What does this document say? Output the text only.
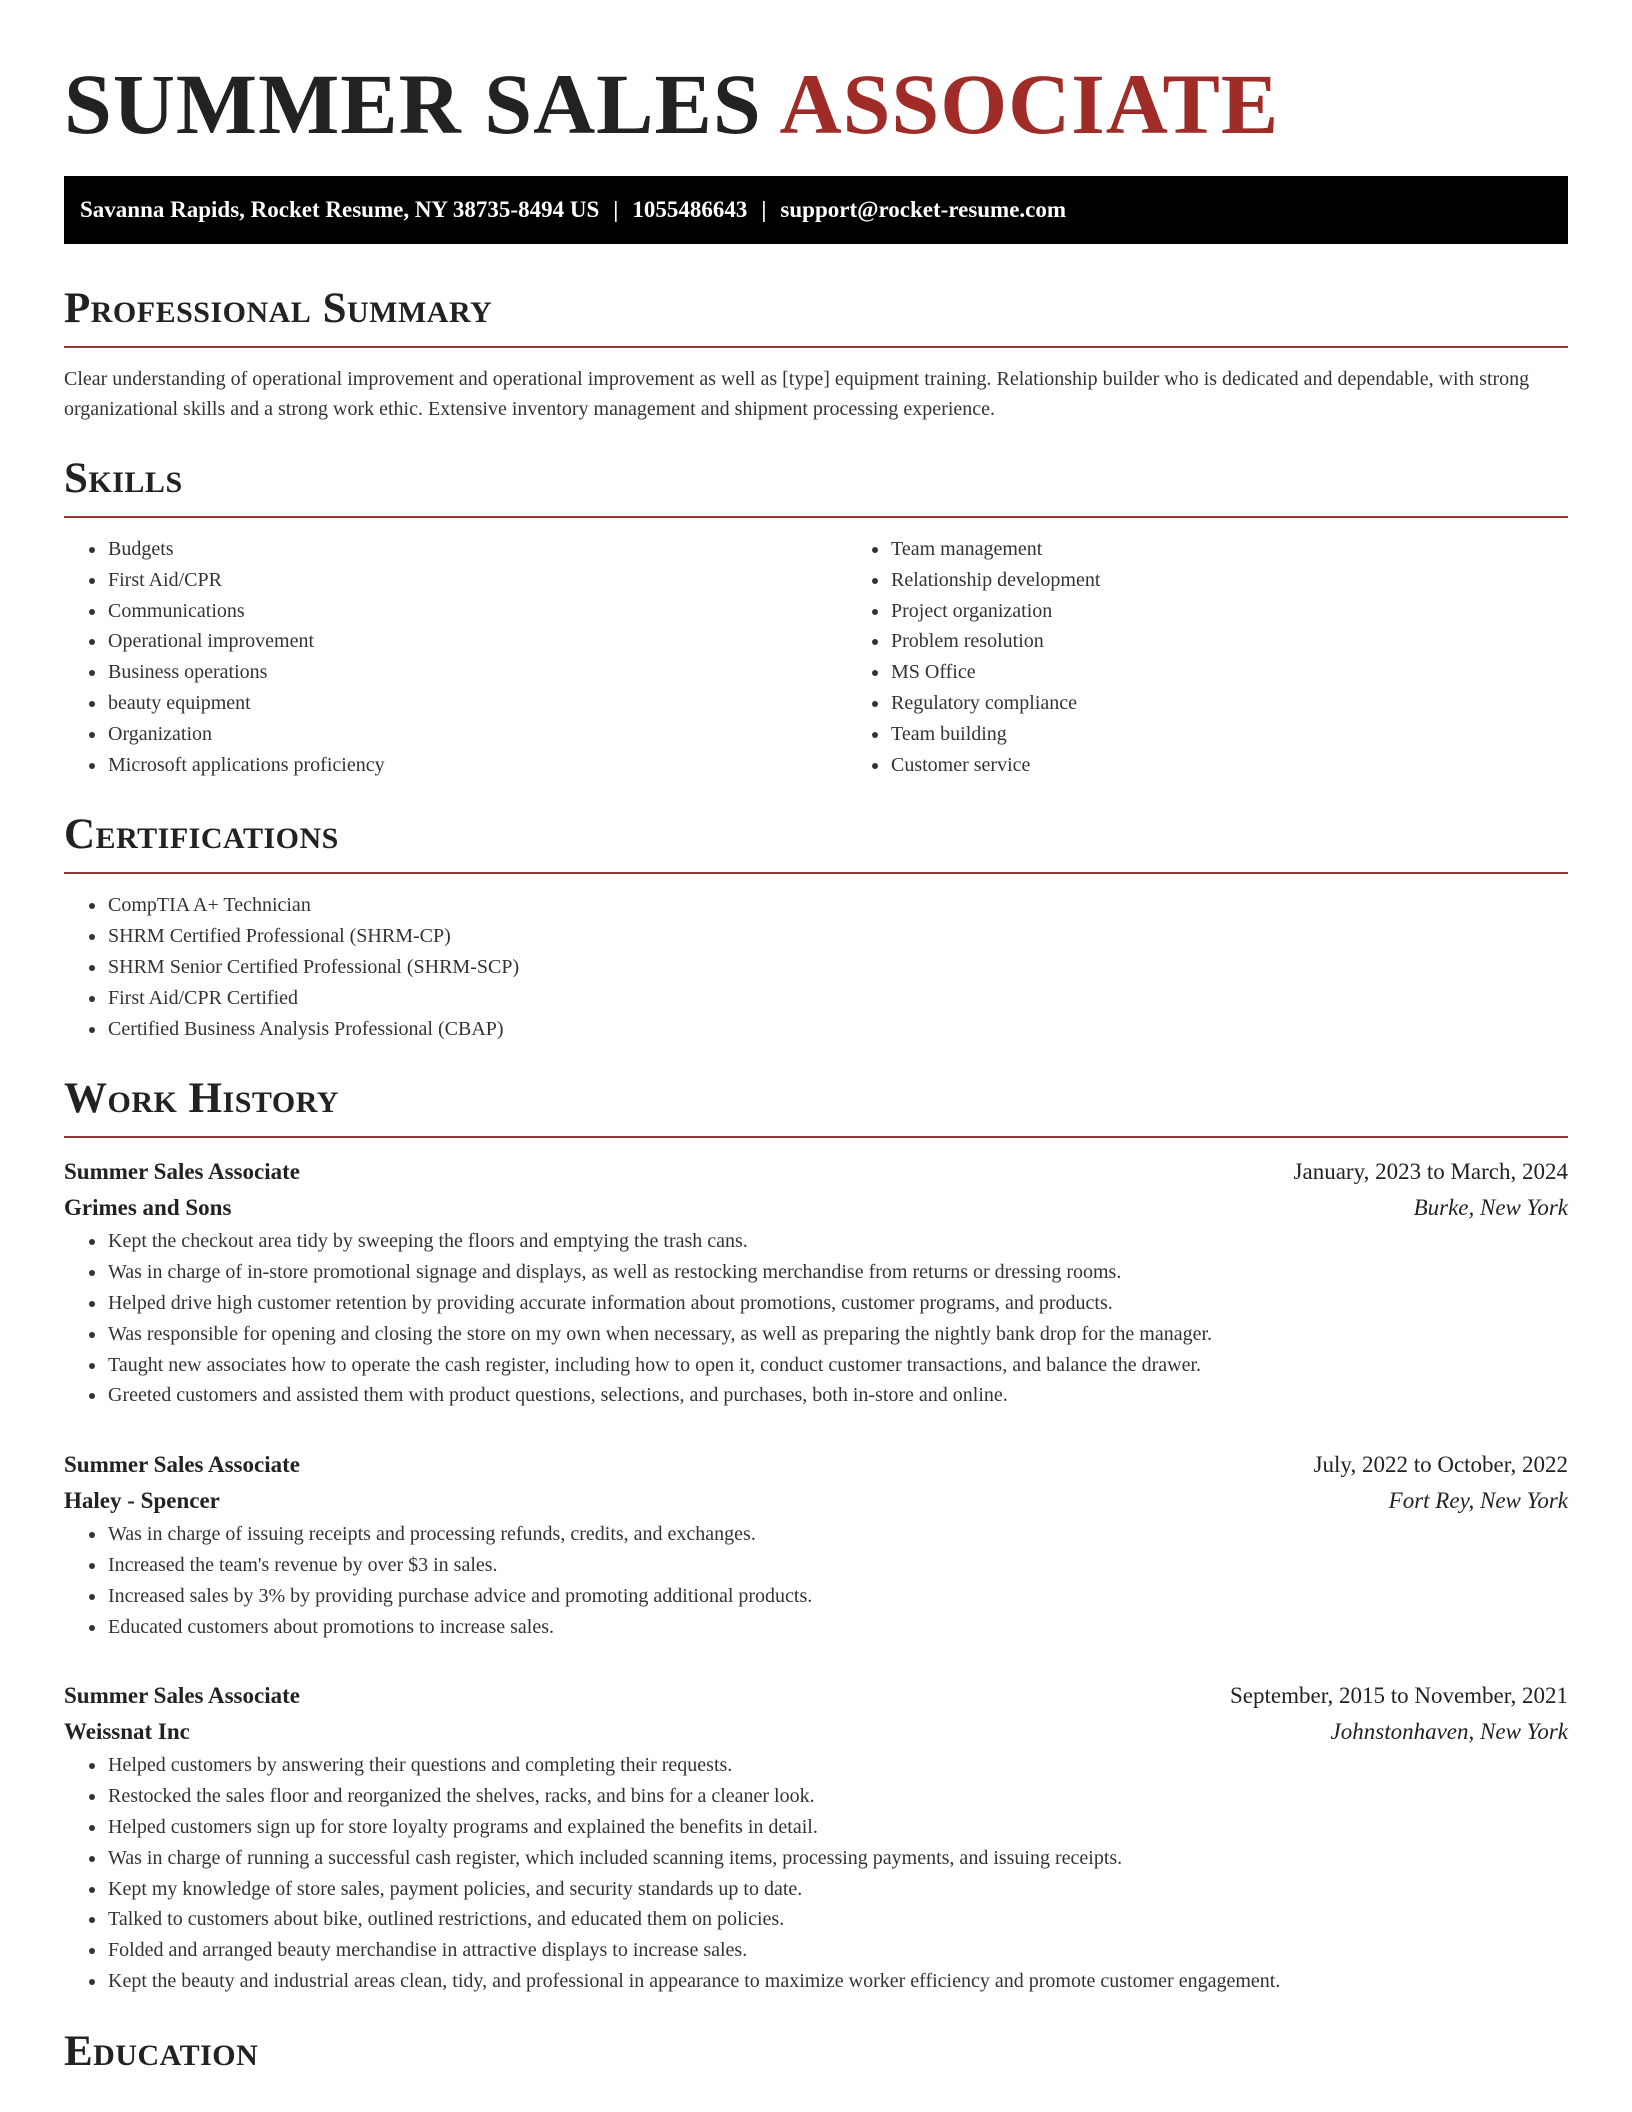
SUMMER SALES ASSOCIATE
Savanna Rapids, Rocket Resume, NY 38735-8494 US | 1055486643 | support@rocket-resume.com
Professional Summary

Clear understanding of operational improvement and operational improvement as well as [type] equipment training. Relationship builder who is dedicated and dependable, with strong organizational skills and a strong work ethic. Extensive inventory management and shipment processing experience.

Skills
• Budgets
• First Aid/CPR
• Communications
• Operational improvement
• Business operations
• beauty equipment
• Organization
• Microsoft applications proficiency
• Team management
• Relationship development
• Project organization
• Problem resolution
• MS Office
• Regulatory compliance
• Team building
• Customer service
Certifications
• CompTIA A+ Technician
• SHRM Certified Professional (SHRM-CP)
• SHRM Senior Certified Professional (SHRM-SCP)
• First Aid/CPR Certified
• Certified Business Analysis Professional (CBAP)
Work History
Summer Sales Associate	January, 2023 to March, 2024
Grimes and Sons	Burke, New York
• Kept the checkout area tidy by sweeping the floors and emptying the trash cans.
• Was in charge of in-store promotional signage and displays, as well as restocking merchandise from returns or dressing rooms.
• Helped drive high customer retention by providing accurate information about promotions, customer programs, and products.
• Was responsible for opening and closing the store on my own when necessary, as well as preparing the nightly bank drop for the manager.
• Taught new associates how to operate the cash register, including how to open it, conduct customer transactions, and balance the drawer.
• Greeted customers and assisted them with product questions, selections, and purchases, both in-store and online.
Summer Sales Associate	July, 2022 to October, 2022
Haley - Spencer	Fort Rey, New York
• Was in charge of issuing receipts and processing refunds, credits, and exchanges.
• Increased the team's revenue by over $3 in sales.
• Increased sales by 3% by providing purchase advice and promoting additional products.
• Educated customers about promotions to increase sales.
Summer Sales Associate	September, 2015 to November, 2021
Weissnat Inc	Johnstonhaven, New York
• Helped customers by answering their questions and completing their requests.
• Restocked the sales floor and reorganized the shelves, racks, and bins for a cleaner look.
• Helped customers sign up for store loyalty programs and explained the benefits in detail.
• Was in charge of running a successful cash register, which included scanning items, processing payments, and issuing receipts.
• Kept my knowledge of store sales, payment policies, and security standards up to date.
• Talked to customers about bike, outlined restrictions, and educated them on policies.
• Folded and arranged beauty merchandise in attractive displays to increase sales.
• Kept the beauty and industrial areas clean, tidy, and professional in appearance to maximize worker efficiency and promote customer engagement.
Education
